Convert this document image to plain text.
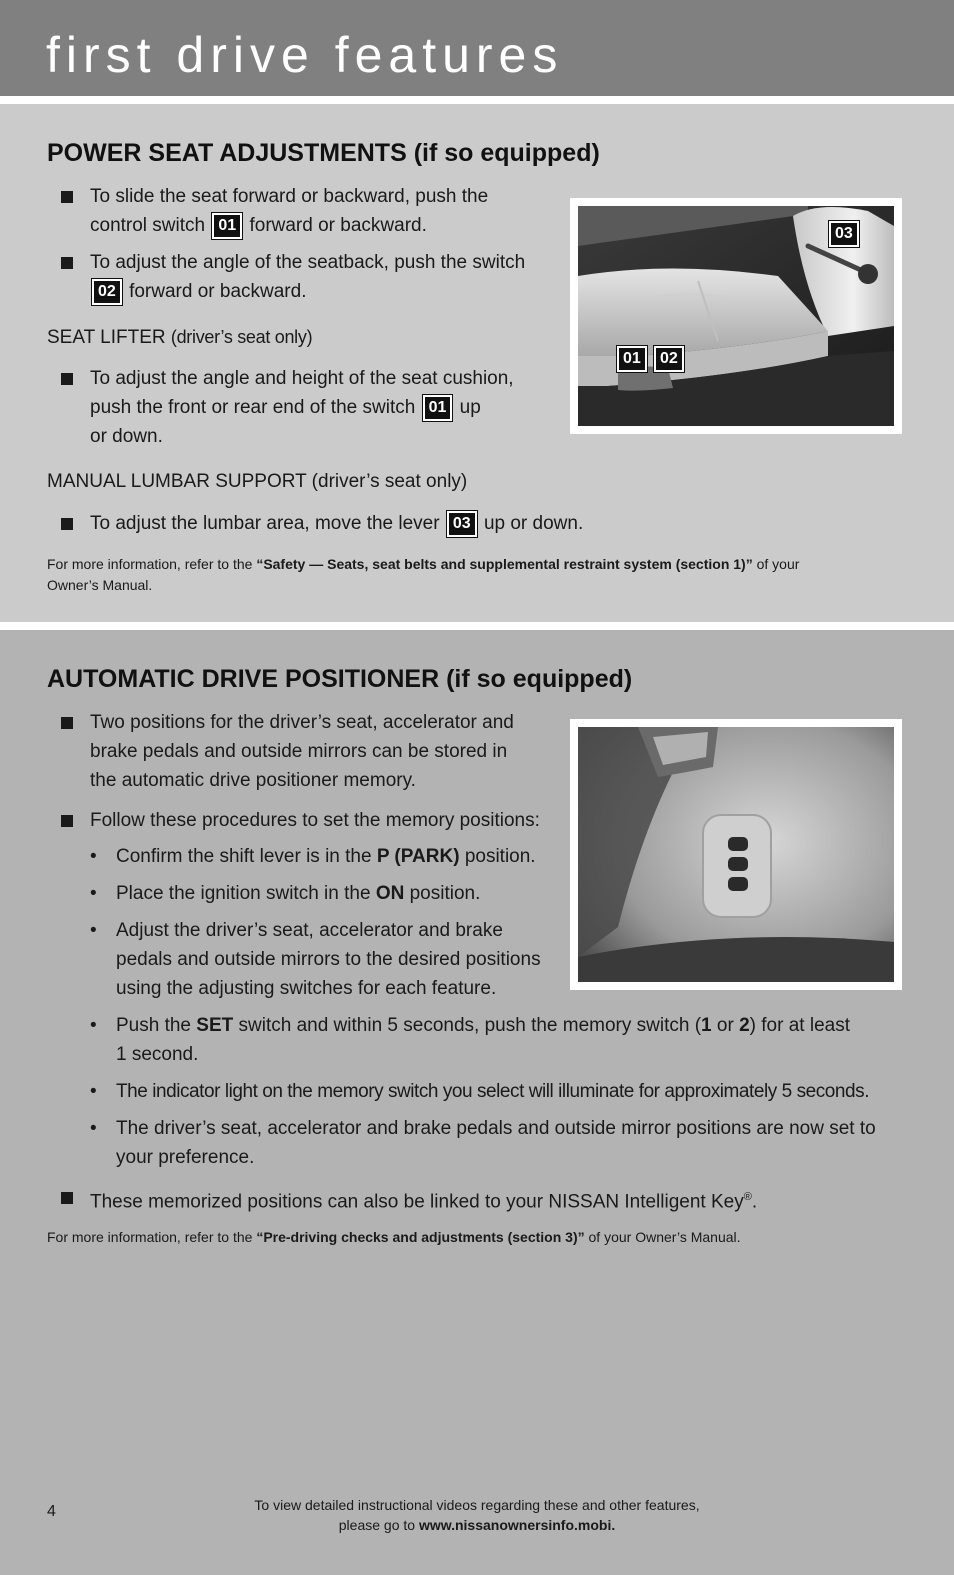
first drive features
POWER SEAT ADJUSTMENTS (if so equipped)
To slide the seat forward or backward, push the
control switch 01 forward or backward.
To adjust the angle of the seatback, push the switch
02 forward or backward.
SEAT LIFTER (driver’s seat only)
To adjust the angle and height of the seat cushion,
push the front or rear end of the switch 01 up
or down.
MANUAL LUMBAR SUPPORT (driver’s seat only)
To adjust the lumbar area, move the lever 03 up or down.
For more information, refer to the “Safety — Seats, seat belts and supplemental restraint system (section 1)” of your
Owner’s Manual.
03
01	02
AUTOMATIC DRIVE POSITIONER (if so equipped)
Two positions for the driver’s seat, accelerator and
brake pedals and outside mirrors can be stored in
the automatic drive positioner memory.
Follow these procedures to set the memory positions:
• Confirm the shift lever is in the P (PARK) position.
• Place the ignition switch in the ON position.
• Adjust the driver’s seat, accelerator and brake
pedals and outside mirrors to the desired positions
using the adjusting switches for each feature.
• Push the SET switch and within 5 seconds, push the memory switch (1 or 2) for at least
1 second.
• The indicator light on the memory switch you select will illuminate for approximately 5 seconds.
• The driver’s seat, accelerator and brake pedals and outside mirror positions are now set to
your preference.
These memorized positions can also be linked to your NISSAN Intelligent Key®.
For more information, refer to the “Pre-driving checks and adjustments (section 3)” of your Owner’s Manual.
4	To view detailed instructional videos regarding these and other features,
please go to www.nissanownersinfo.mobi.
